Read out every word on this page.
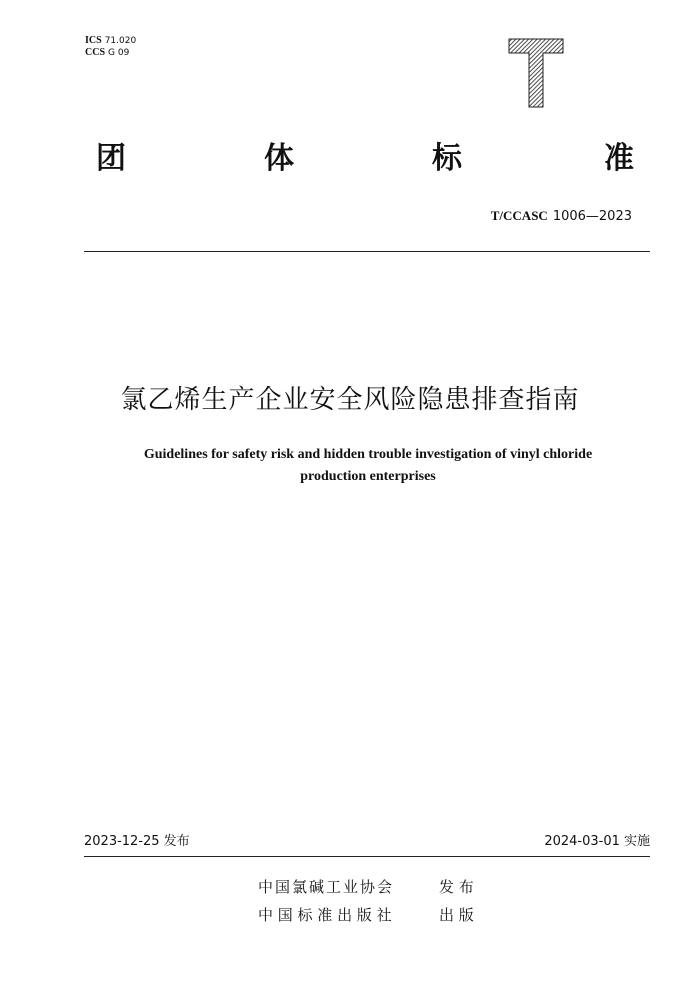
ICS 71.020
CCS G 09
团	体	标	准
T/CCASC 1006—2023
氯乙烯生产企业安全风险隐患排查指南
Guidelines for safety risk and hidden trouble investigation of vinyl chloride
production enterprises
2023-12-25 发布	2024-03-01 实施
中国氯碱工业协会	发 布
中 国 标 准 出 版 社	出 版
